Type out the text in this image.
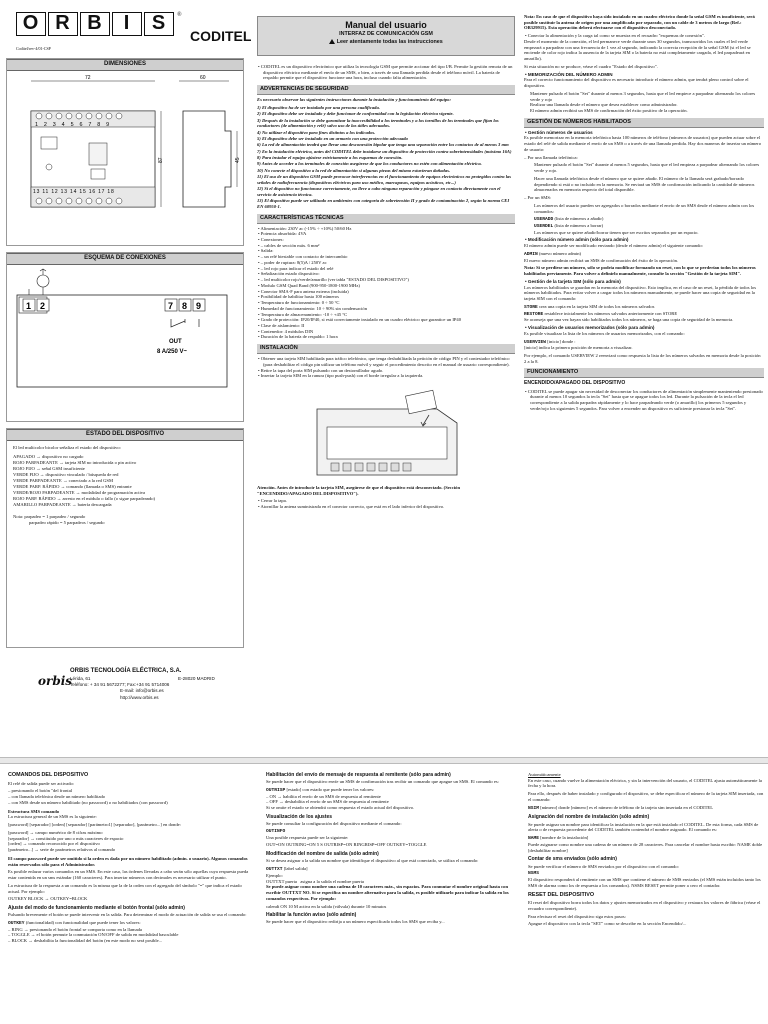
O R B	I	S	®
CODITEL
Coditel/rev-4/01-CSP
DIMENSIONES
72
1 2 3 4 5 6 7 8 9
13 11 12 13 14 15 16 17 18
87
60
45
ESQUEMA DE CONEXIONES
1 2	7 8 9
OUT
8 A/250 V~
ESTADO DEL DISPOSITIVO

El led multicolor bicolor señaliza el estado del dispositivo:

APAGADO → dispositivo no cargado
ROJO PARPADEANTE → tarjeta SIM no introducida o pin activo
ROJO FIJO → señal GSM insuficiente
VERDE FIJO → dispositivo vinculado / búsqueda de red
VERDE PARPADEANTE → conectado a la red GSM
VERDE PARP. RÁPIDO → comando (llamada o SMS) entrante
VERDE/ROJO PARPADEANTE → modalidad de programación activa
ROJO PARP. RÁPIDO → arresto en el módulo o fallo (o sigue parpadeando)
AMARILLO PARPADEANTE → batería descargada
Nota: parpadeo = 1 parpadeo / segundo
parpadeo rápido = 5 parpadeos / segundo
orbis
ORBIS TECNOLOGÍA ELÉCTRICA, S.A.
Lérida, 61
Teléfono: + 34 91 5672277; Fax:+34 91 5714006
E-mail: info@orbis.es
http://www.orbis.es
E-28020 MADRID
Manual del usuario
INTERFAZ DE COMUNICACIÓN GSM
Leer atentamente todas las instrucciones
• CODITEL es un dispositivo electrónico que utiliza la tecnología GSM que permite accionar del tipo I/B. Permite la gestión remota de un dispositivo eléctrico mediante el envío de un SMS, o bien, a través de una llamada perdida desde el teléfono móvil. La batería de respaldo permite que el dispositivo funcione una hora, incluso cuando falta alimentación.
ADVERTENCIAS DE SEGURIDAD

Es necesario observar las siguientes instrucciones durante la instalación y funcionamiento del equipo:

1) El dispositivo ha de ser instalado por una persona cualificada.
2) El dispositivo debe ser instalado y debe funcionar de conformidad con la legislación eléctrica vigente.
3) Después de la instalación se debe garantizar la inaccesibilidad a los terminales y a los tornillos de los terminales que fijan los conductores (de alimentación y relé) salvo uso de las útiles adecuados.
4) No utilizar el dispositivo para fines distintos a los indicados.
5) El dispositivo debe ser instalado en un armario con una protección adecuada
6) La red de alimentación tendrá que llevar una desconexión bipolar que tenga una separación entre los contactos de al menos 3 mm
7) En la instalación eléctrica, antes del CODITEL debe instalarse un dispositivo de protección contra sobreintensidades (máximo 16A)
8) Para instalar el equipo ajústese estrictamente a los esquemas de conexión.
9) Antes de acceder a los terminales de conexión asegúrese de que los conductores no estén con alimentación eléctrica.
10) No conecte el dispositivo a la red de alimentación si algunas piezas del mismo estuvieran dañadas.
11) El uso de un dispositivo GSM puede provocar interferencias en el funcionamiento de equipos electrónicos no protegidos contra las señales de radiofrecuencia (dispositivos eléctricos para uso médico, marcapasos, equipos acústicos, etc...)
12) Si el dispositivo no funcionase correctamente, no lleve a cabo ninguna reparación y póngase en contacto directamente con el servicio de asistencia técnica.
13) El dispositivo puede ser utilizado en ambientes con categoría de sobretensión II y grado de contaminación 2, según la norma CEI EN 60950-1.
CARACTERÍSTICAS TÉCNICAS
• Alimentación: 230V ac (-15% ÷ +10%) 50/60 Hz
• Potencia absorbida: 4VA
• Conexiones:
• – cables de sección máx. 6 mm²
• Salida:
• – un relé biestable con contacto de intercambio
• – poder de ruptura: 8(5)A / 250V ac
• – led rojo para indicar el estado del relé
• Señalización estado dispositivo:
• – led multicolor rojo/verde/amarillo (ver tabla "ESTADO DEL DISPOSITIVO")
• Modulo GSM Quad Band (900-950-1800-1900 MHz)
• Conector SMA-F para antena externa (incluida)
• Posibilidad de habilitar hasta 100 números
• Temperatura de funcionamiento: 0 ÷ 50 °C
• Humedad de funcionamiento: 10 ÷ 90% sin condensación
• Temperatura de almacenamiento: -10 ÷ +45 °C
• Grado de protección: IP20/IP40, si está correctamente instalado en un cuadro eléctrico que garantice un IP40
• Clase de aislamiento: II
• Contenedor: 4 módulos DIN
• Duración de la batería de respaldo: 1 hora
INSTALACIÓN
• Obtener una tarjeta SIM habilitada para tráfico telefónico, que tenga deshabilitada la petición de código PIN y el contestador telefónico (para deshabilitar el código pin utilizar un teléfono móvil y seguir el procedimiento descrito en el manual de usuario correspondiente).
• Retire la tapa del porta SIM pulsando con un destornillador agudo.
• Insertar la tarjeta SIM en la ranura (tipo push-push) con el borde irregular a la izquierda.

Atención. Antes de introducir la tarjeta SIM, asegúrese de que el dispositivo está desconectado. (Sección "ENCENDIDO/APAGADO DEL DISPOSITIVO").

• Cerrar la tapa.
• Atornillar la antena suministrada en el conector correcto, que está en el lado inferior del dispositivo.

Nota: En caso de que el dispositivo haya sido instalado en un cuadro eléctrico donde la señal GSM es insuficiente, será posible sustituir la antena de origen por una amplificada por separado, con un cable de 3 metros de largo (Ref.: OB329915). Esta operación deberá efectuarse con el dispositivo desconectado.

• Conectar la alimentación y la carga tal como se muestra en el recuadro "esquemas de conexión".

Desde el momento de la conexión, el led permanece verde durante unos 30 segundos, transcurridos los cuales el led verde empezará a parpadear con una frecuencia de 1 vez al segundo, indicando la correcta recepción de la señal GSM (si el led se enciende de color rojo indica la ausencia de la tarjeta SIM o la batería no está completamente cargada, el led parpadeará en amarillo).

Si esta situación no se produce, véase el cuadro "Estado del dispositivo".

• MEMORIZACIÓN DEL NÚMERO ADMIN

Para el correcto funcionamiento del dispositivo es necesario introducir el número admin, que tendrá pleno control sobre el dispositivo.

Mantener pulsado el botón "Set" durante al menos 3 segundos, hasta que el led empiece a parpadear alternando los colores verde y rojo
Realizar una llamada desde el número que desea establecer como administrador.
El número admin recibirá un SMS de confirmación del éxito positivo de la operación.
GESTIÓN DE NÚMEROS HABILITADOS
• Gestión números de usuarios

Es posible memorizar en la memoria telefónica hasta 100 números de teléfono (números de usuarios) que pueden actuar sobre el estado del relé de salida mediante el envío de un SMS o a través de una llamada perdida. Hay dos maneras de insertar un número de usuario:

– Por una llamada telefónica:

Mantener pulsado el botón "Set" durante al menos 5 segundos, hasta que el led empieza a parpadear alternando los colores verde y rojo.

Hacer una llamada telefónica desde el número que se quiere añadir. El número de la llamada será grabado/borrado dependiendo si está o no incluido en la memoria. Se enviará un SMS de confirmación indicando la cantidad de números almacenados en memoria respecto del total disponible.

– Por un SMS:

Los números del usuario pueden ser agregados o borrados mediante el envío de un SMS desde el número admin con los comandos:

USERADD (lista de números a añadir)
USERDEL (lista de números a borrar)

Los números que se quiere añadir/borrar tienen que ser escritos separados por un espacio.

• Modificación número admin (sólo para admin)

El número admin puede ser modificado enviando (desde el número admin) el siguiente comando:

ADMIN (nuevo número admin)

El nuevo número admin recibirá un SMS de confirmación del éxito de la operación.

Nota: Si se perdiese un número, sólo se podría modificar formando un reset, con lo que se perderían todos los números habilitados previamente. Para volver a definirlo manualmente, consulte la sección "Gestión de la tarjeta SIM".

• Gestión de la tarjeta SIM (sólo para admin)

Los números habilitados se guardan en la memoria del dispositivo. Esto implica, en el caso de un reset, la pérdida de todos los números habilitados. Para evitar volver a cargar todos los números manualmente, se puede hacer una copia de seguridad en la tarjeta SIM con el comando:

STORE crea una copia en la tarjeta SIM de todos los números salvados
RESTORE restablece inicialmente los números salvados anteriormente con STORE

Se aconseja que una vez hayan sido habilitados todos los números, se haga una copia de seguridad de la memoria.

• Visualización de usuarios memorizados (sólo para admin)

Es posible visualizar la lista de los números de usuarios memorizados, con el comando:

USERVIEW [inicio] donde :

[inicio] indica la primera posición de memoria a visualizar.

Por ejemplo, el comando USERVIEW 2 reenviará como respuesta la lista de los números salvados en memoria desde la posición 2 a la 8.

FUNCIONAMIENTO
ENCENDIDO/APAGADO DEL DISPOSITIVO
• CODITEL se puede apagar sin necesidad de desconectar los conductores de alimentación simplemente manteniendo presionado durante al menos 10 segundos la tecla "Set" hasta que se apague todos los led. Durante la pulsación de la tecla el led correspondiente a la salida parpadea rápidamente y lo hace parpadeando verde (o amarillo) los primeros 5 segundos y verde/rojo los siguientes 5 segundos. Para volver a encender un dispositivo es suficiente presionar la tecla "Set".
COMANDOS DEL DISPOSITIVO

El relé de salida puede ser activado:

– presionando el botón "del frontal
– con llamada telefónica desde un número habilitado
– con SMS desde un número habilitado (no password) o no habilitados (con password)
Estructura SMS comando

La estructura general de un SMS es la siguiente:

[password] [separador] [orden] [separador] [parámetro1] [separador], [parámetro...] en donde:

[password] → campo numérico de 8 cifras máximo
[separador] → constituido por uno o más caracteres de espacio
[orden] → comando reconocido por el dispositivo
[parámetro...] → serie de parámetros relativos al comando

El campo password puede ser omitido si la orden es dada por un número habilitado (admin. o usuario). Algunos comandos están reservados sólo para el Administrador.

Es posible enlazar varios comandos en un SMS. En este caso, las órdenes llevadas a cabo serán sólo aquellas cuya respuesta pueda estar contenida en un sms estándar (160 caracteres). Para insertar números con decimales es necesario utilizar el punto.

La estructura de la respuesta a un comando es la misma que la de la orden con el agregado del símbolo "=" que indica el estado actual. Por ejemplo:

OUTKEY BLOCK → OUTKEY=BLOCK

Ajuste del modo de funcionamiento mediante el botón frontal (sólo admin)

Pulsando brevemente el botón se puede intervenir en la salida. Para determinar el modo de actuación de salida se usa el comando:

OUTKEY (funcionalidad) con funcionalidad que puede tener los valores:
– RING → presionando el botón frontal se comporta como en la llamada
– TOGGLE → el botón permute la conmutación ON/OFF de salida en modalidad basculable
– BLOCK → deshabilita la funcionalidad del botón (en este modo no será posible...
Habilitación del envío de mensaje de respuesta al remitente (sólo para admin)

Se puede hacer que el dispositivo envíe un SMS de confirmación tras recibir un comando que apague un SMS. El comando es:

OUTRISP [estado] con estado que puede tener los valores:
– ON → habilita el envío de un SMS de respuesta al remitente
– OFF → deshabilita el envío de un SMS de respuesta al remitente

Si se omite el estado se obtendrá como respuesta el estado actual del dispositivo.

Visualización de los ajustes

Se puede consultar la configuración del dispositivo mediante el comando:

OUTINFO

Una posible respuesta puede ser la siguiente:

OUT=ON OUTRING=ON 5 S OUTRISP=ON RINGRISP=OFF OUTKEY=TOGGLE

Modificación del nombre de salida (sólo admin)

Si se desea asignar a la salida un nombre que identifique el dispositivo al que está conectado, se utiliza el comando:

OUTTXT [label salida]
Ejemplo:
OUTTXT puerta asigna a la salida el nombre puerta

Se puede asignar como nombre una cadena de 10 caracteres máx., sin espacios. Para conmutar el nombre original hasta con escribir OUTTXT NO. Si se especifica un nombre alternativo para la salida, es posible utilizarlo para indicar la salida en los comandos respectivos. Por ejemplo:

calendi ON 10 M activa en la salida (válvula) durante 10 minutos

Habilitar la función aviso (sólo admin)

Se puede hacer que el dispositivo redirija a un número especificado todos los SMS que reciba y...

Automáticamente

En este caso, cuando vuelve la alimentación eléctrica, y sin la intervención del usuario, el CODITEL ajusta automáticamente la fecha y la hora.

Para ello, después de haber instalado y configurado el dispositivo, se debe especificar el número de la tarjeta SIM insertada, con el comando:

NSIM [número] donde [número] es el número de teléfono de la tarjeta sim insertada en el CODITEL
Asignación del nombre de instalación (sólo admin)

Se puede asignar un nombre para identificar la instalación en la que está instalado el CODITEL. De esta forma, cada SMS de alerta o de respuesta procedente del CODITEL también contendrá el nombre asignado. El comando es:

NAME [nombre de la instalación]

Puede asignarse como nombre una cadena de un número de 28 caracteres. Para cancelar el nombre hasta escribir: NAME doble [deshabilitar nombre]

Contar de sms enviados (sólo admin)

Se puede verificar el número de SMS enviados por el dispositivo con el comando:

NSMS

El dispositivo responderá al remitente con un SMS que contiene el número de SMS enviados (el SMS están incluidos tanto los SMS de alarma como los de respuesta a los comandos). NSMS RESET permite poner a cero el contador.

RESET DEL DISPOSITIVO

El reset del dispositivo borra todos los datos y ajustes memorizados en el dispositivo y restaura los valores de fábrica (véase el recuadro correspondiente).

Para efectuar el reset del dispositivo siga estos pasos:

Apague el dispositivo con la tecla "SET" como se describe en la sección Encendido/...
